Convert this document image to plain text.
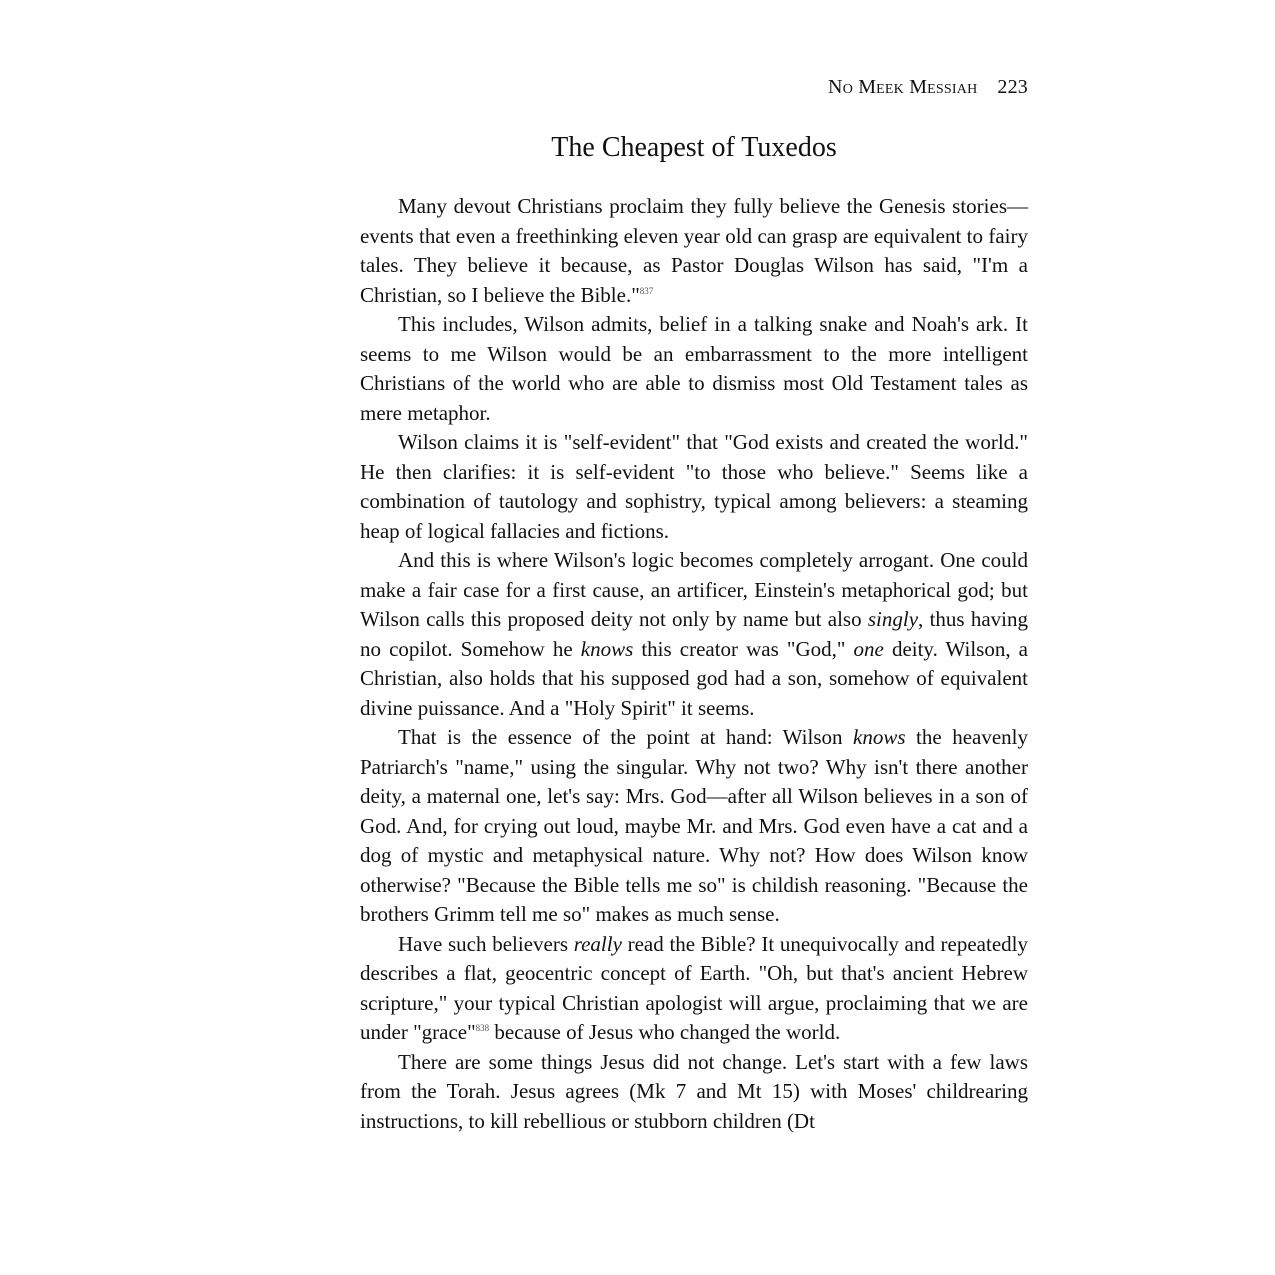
No Meek Messiah 223
The Cheapest of Tuxedos

Many devout Christians proclaim they fully believe the Genesis stories—events that even a freethinking eleven year old can grasp are equivalent to fairy tales. They believe it because, as Pastor Douglas Wilson has said, "I'm a Christian, so I believe the Bible."$^{837}$

This includes, Wilson admits, belief in a talking snake and Noah's ark. It seems to me Wilson would be an embarrassment to the more intelligent Christians of the world who are able to dismiss most Old Testament tales as mere metaphor.

Wilson claims it is "self-evident" that "God exists and created the world." He then clarifies: it is self-evident "to those who believe." Seems like a combination of tautology and sophistry, typical among believers: a steaming heap of logical fallacies and fictions.

And this is where Wilson's logic becomes completely arrogant. One could make a fair case for a first cause, an artificer, Einstein's metaphorical god; but Wilson calls this proposed deity not only by name but also singly, thus having no copilot. Somehow he knows this creator was "God," one deity. Wilson, a Christian, also holds that his supposed god had a son, somehow of equivalent divine puissance. And a "Holy Spirit" it seems.

That is the essence of the point at hand: Wilson knows the heavenly Patriarch's "name," using the singular. Why not two? Why isn't there another deity, a maternal one, let's say: Mrs. God—after all Wilson believes in a son of God. And, for crying out loud, maybe Mr. and Mrs. God even have a cat and a dog of mystic and metaphysical nature. Why not? How does Wilson know otherwise? "Because the Bible tells me so" is childish reasoning. "Because the brothers Grimm tell me so" makes as much sense.

Have such believers really read the Bible? It unequivocally and repeatedly describes a flat, geocentric concept of Earth. "Oh, but that's ancient Hebrew scripture," your typical Christian apologist will argue, proclaiming that we are under "grace"$^{838}$ because of Jesus who changed the world.

There are some things Jesus did not change. Let's start with a few laws from the Torah. Jesus agrees (Mk 7 and Mt 15) with Moses' childrearing instructions, to kill rebellious or stubborn children (Dt
